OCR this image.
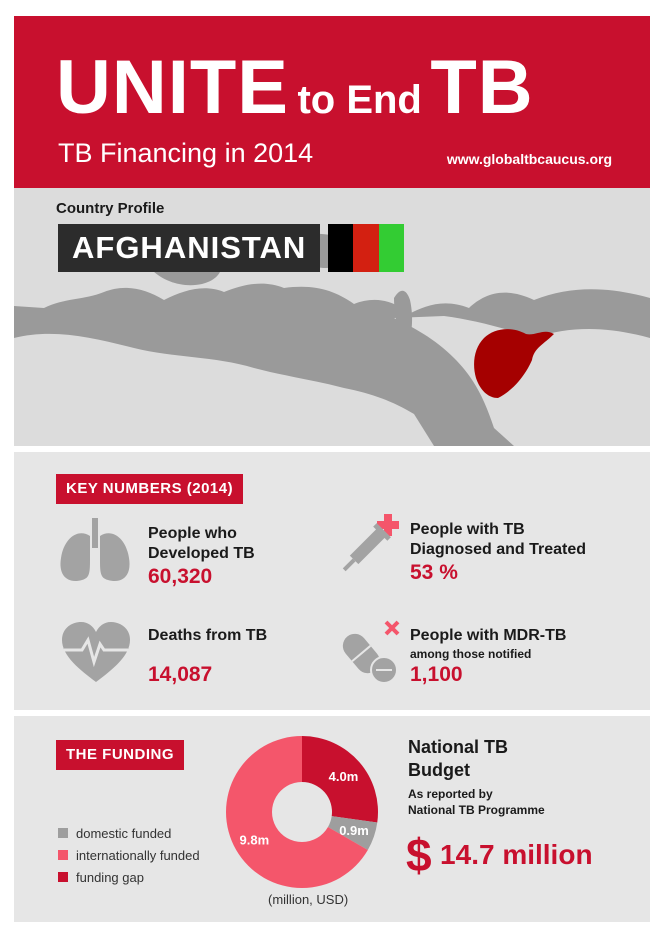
UNITE to End TB
TB Financing in 2014	www.globaltbcaucus.org
Country Profile
AFGHANISTAN
KEY NUMBERS (2014)
People who
Developed TB
60,320
People with TB
Diagnosed and Treated
53 %
Deaths from TB
14,087
People with MDR-TB
among those notified
1,100
THE FUNDING
domestic funded
internationally funded
funding gap
4.0m
0.9m
9.8m
(million, USD)
National TB
Budget
As reported by
National TB Programme
$ 14.7 million
